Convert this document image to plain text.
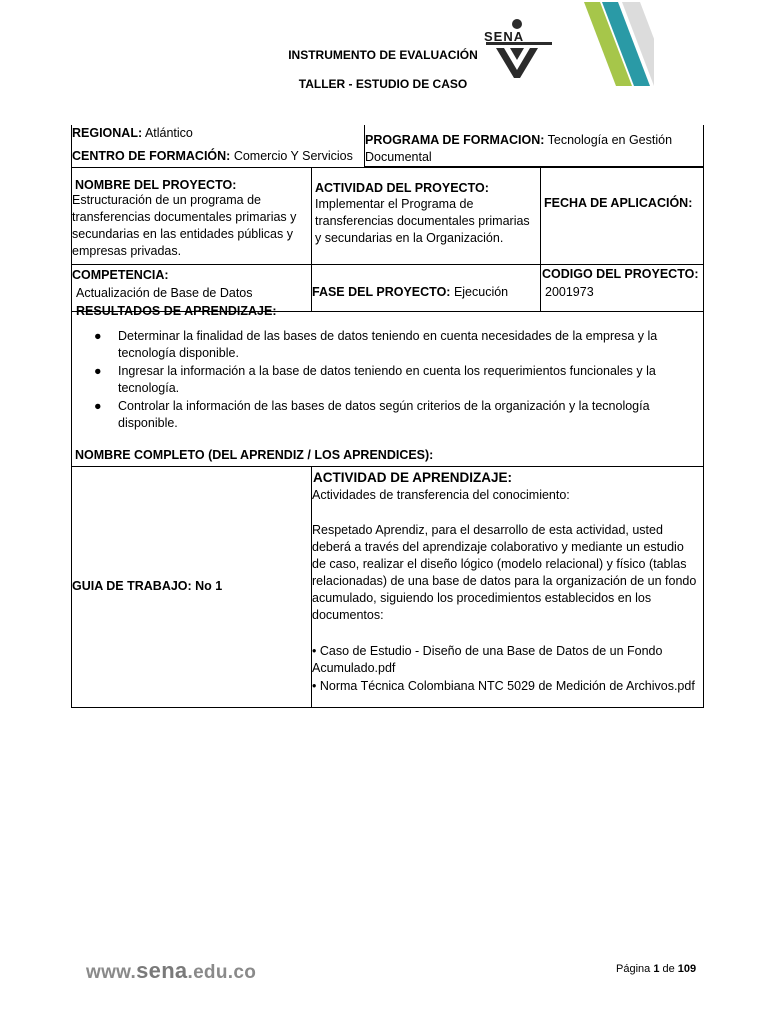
INSTRUMENTO DE EVALUACIÓN
TALLER - ESTUDIO DE CASO
SENA
REGIONAL: Atlántico
CENTRO DE FORMACIÓN: Comercio Y Servicios
PROGRAMA DE FORMACION: Tecnología en Gestión Documental
NOMBRE DEL PROYECTO:
Estructuración de un programa de transferencias documentales primarias y secundarias en las entidades públicas y empresas privadas.
ACTIVIDAD DEL PROYECTO:
Implementar el Programa de transferencias documentales primarias y secundarias en la Organización.
FECHA DE APLICACIÓN:
COMPETENCIA:
Actualización de Base de Datos	FASE DEL PROYECTO: Ejecución
CODIGO DEL PROYECTO:
2001973
RESULTADOS DE APRENDIZAJE:
● Determinar la finalidad de las bases de datos teniendo en cuenta necesidades de la empresa y la tecnología disponible.
● Ingresar la información a la base de datos teniendo en cuenta los requerimientos funcionales y la tecnología.
● Controlar la información de las bases de datos según criterios de la organización y la tecnología disponible.
NOMBRE COMPLETO (DEL APRENDIZ / LOS APRENDICES):
GUIA DE TRABAJO: No 1
ACTIVIDAD DE APRENDIZAJE:
Actividades de transferencia del conocimiento:
Respetado Aprendiz, para el desarrollo de esta actividad, usted deberá a través del aprendizaje colaborativo y mediante un estudio de caso, realizar el diseño lógico (modelo relacional) y físico (tablas relacionadas) de una base de datos para la organización de un fondo acumulado, siguiendo los procedimientos establecidos en los documentos:
• Caso de Estudio - Diseño de una Base de Datos de un Fondo Acumulado.pdf
• Norma Técnica Colombiana NTC 5029 de Medición de Archivos.pdf
www.sena.edu.co	Página 1 de 109
